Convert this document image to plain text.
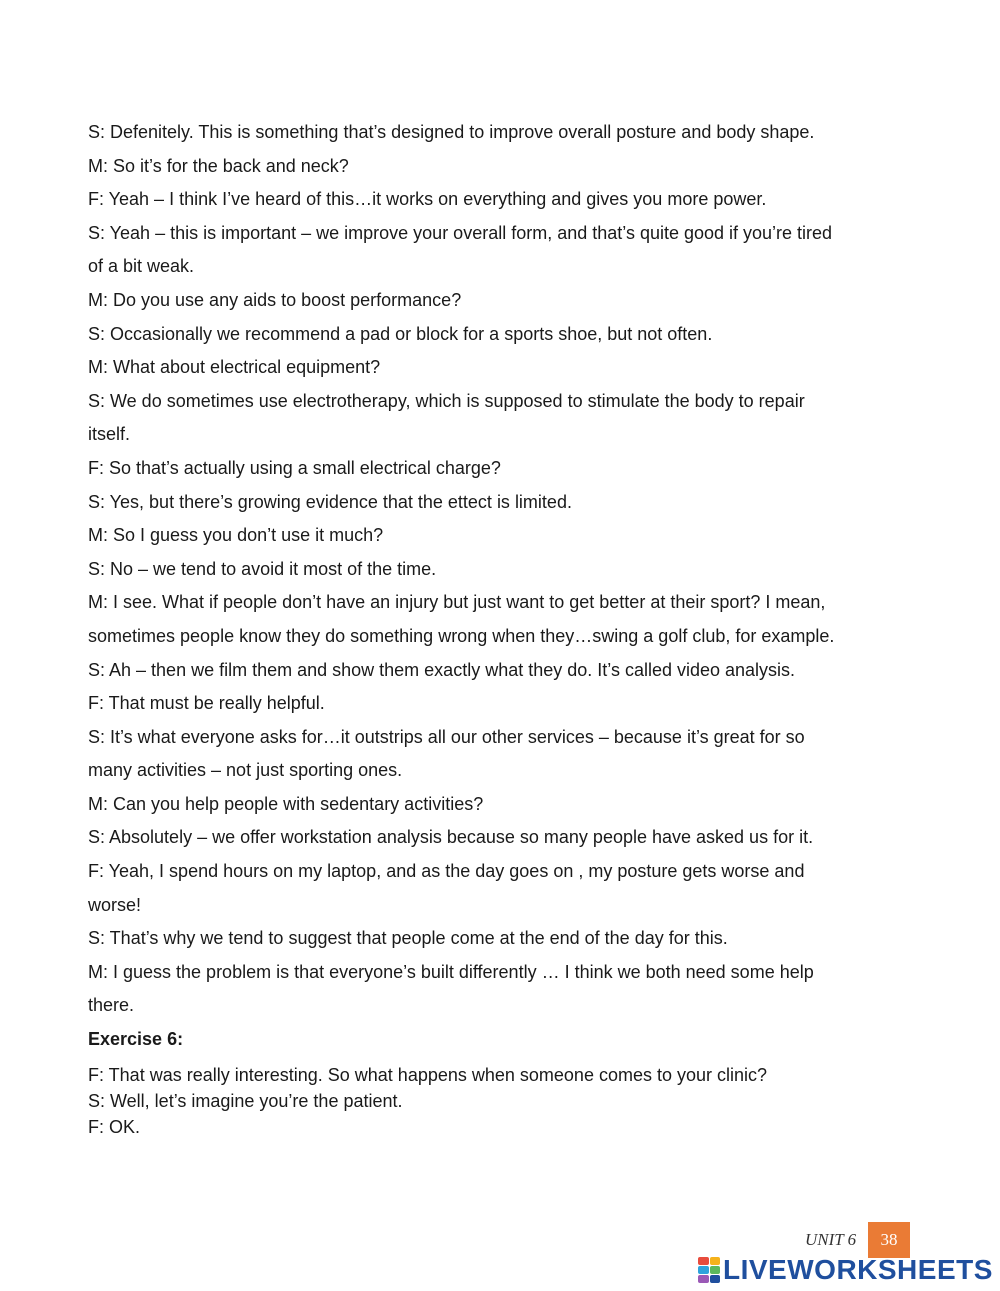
S: Defenitely. This is something that’s designed to improve overall posture and body shape.

M: So it’s for the back and neck?

F: Yeah – I think I’ve heard of this…it works on everything and gives you more power.

S: Yeah – this is important – we improve your overall form, and that’s quite good if you’re tired

of a bit weak.

M: Do you use any aids to boost performance?

S: Occasionally we recommend a pad or block for a sports shoe, but not often.

M: What about electrical equipment?

S: We do sometimes use electrotherapy, which is supposed to stimulate the body to repair

itself.

F: So that’s actually using a small electrical charge?

S: Yes, but there’s growing evidence that the ettect is limited.

M: So I guess you don’t use it much?

S: No – we tend to avoid it most of the time.

M: I see. What if people don’t have an injury but just want to get better at their sport? I mean,

sometimes people know they do something wrong when they…swing a golf club, for example.

S: Ah – then we film them and show them exactly what they do. It’s called video analysis.

F: That must be really helpful.

S: It’s what everyone asks for…it outstrips all our other services – because it’s great for so

many activities – not just sporting ones.

M: Can you help people with sedentary activities?

S: Absolutely – we offer workstation analysis because so many people have asked us for it.

F: Yeah, I spend hours on my laptop, and as the day goes on , my posture gets worse and

worse!

S: That’s why we tend to suggest that people come at the end of the day for this.

M: I guess the problem is that everyone’s built differently … I think we both need some help

there.

Exercise 6:

F: That was really interesting. So what happens when someone comes to your clinic?

S: Well, let’s imagine you’re the patient.

F: OK.

UNIT 6	38
LIVEWORKSHEETS
